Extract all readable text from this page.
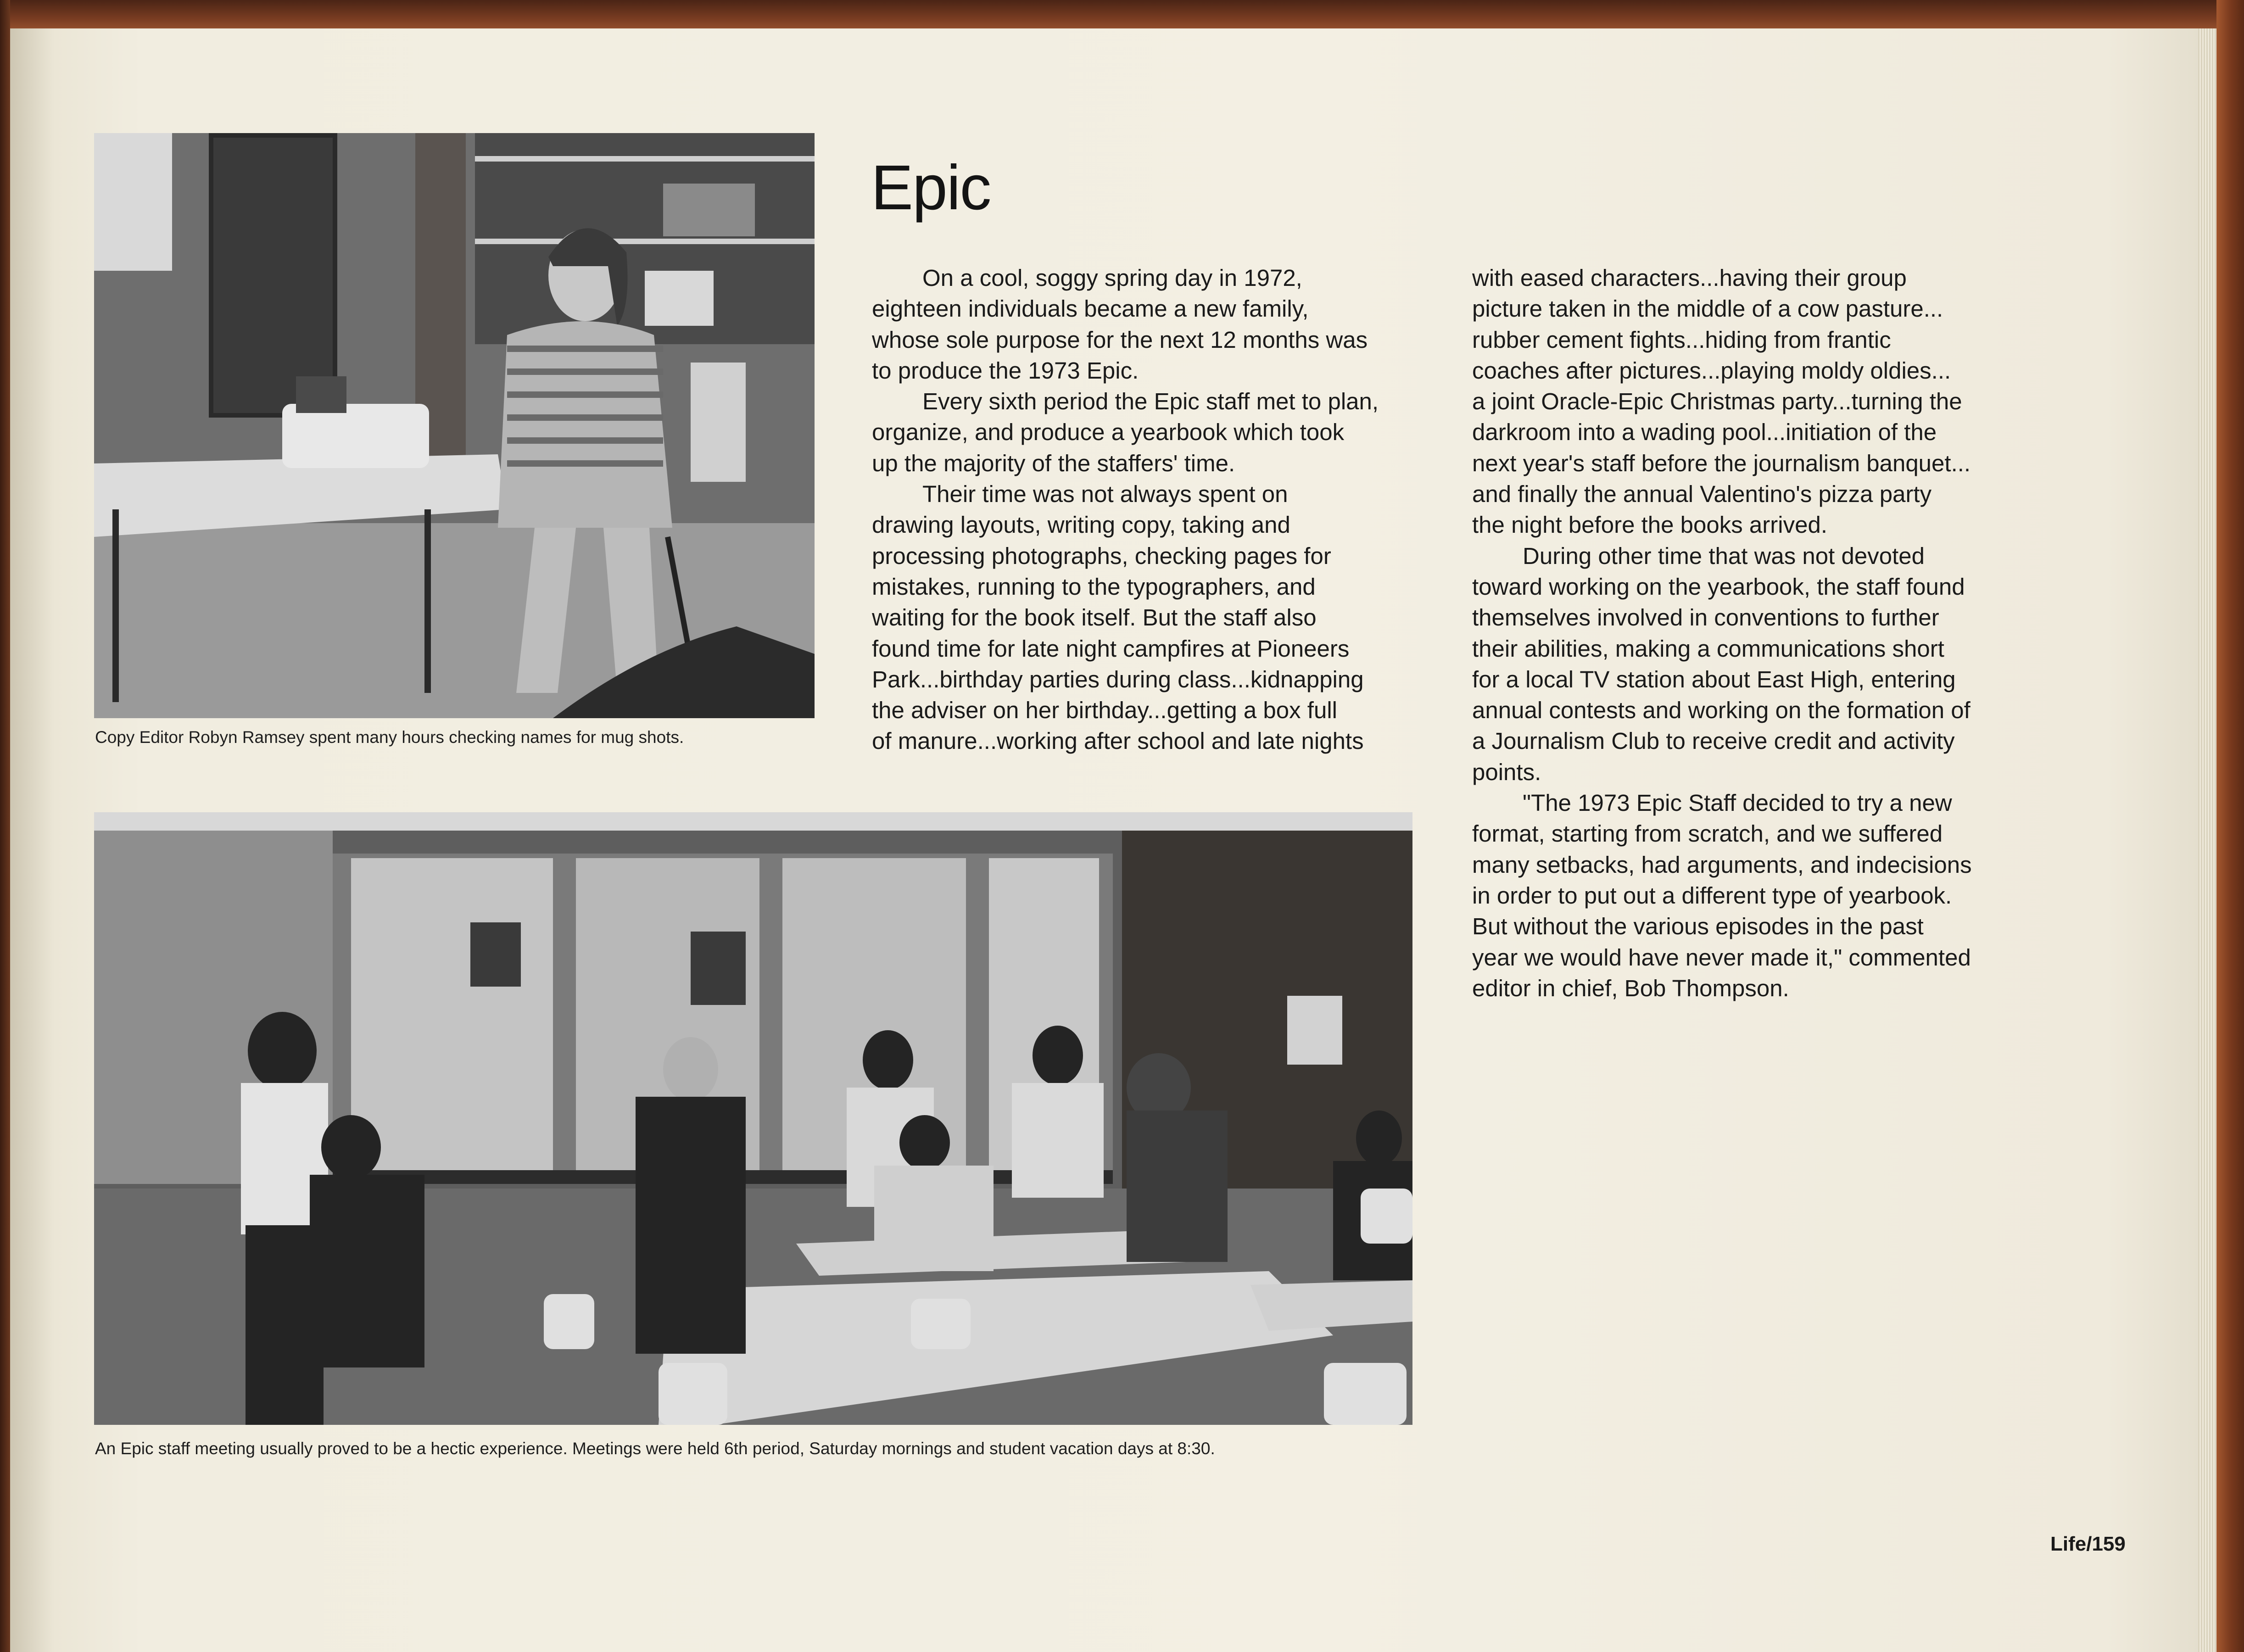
Copy Editor Robyn Ramsey spent many hours checking names for mug shots.
Epic
On a cool, soggy spring day in 1972,
eighteen individuals became a new family,
whose sole purpose for the next 12 months was
to produce the 1973 Epic.
Every sixth period the Epic staff met to plan,
organize, and produce a yearbook which took
up the majority of the staffers' time.
Their time was not always spent on
drawing layouts, writing copy, taking and
processing photographs, checking pages for
mistakes, running to the typographers, and
waiting for the book itself. But the staff also
found time for late night campfires at Pioneers
Park...birthday parties during class...kidnapping
the adviser on her birthday...getting a box full
of manure...working after school and late nights
with eased characters...having their group
picture taken in the middle of a cow pasture...
rubber cement fights...hiding from frantic
coaches after pictures...playing moldy oldies...
a joint Oracle-Epic Christmas party...turning the
darkroom into a wading pool...initiation of the
next year's staff before the journalism banquet...
and finally the annual Valentino's pizza party
the night before the books arrived.
During other time that was not devoted
toward working on the yearbook, the staff found
themselves involved in conventions to further
their abilities, making a communications short
for a local TV station about East High, entering
annual contests and working on the formation of
a Journalism Club to receive credit and activity
points.
"The 1973 Epic Staff decided to try a new
format, starting from scratch, and we suffered
many setbacks, had arguments, and indecisions
in order to put out a different type of yearbook.
But without the various episodes in the past
year we would have never made it," commented
editor in chief, Bob Thompson.
An Epic staff meeting usually proved to be a hectic experience. Meetings were held 6th period, Saturday mornings and student vacation days at 8:30.
Life/159
